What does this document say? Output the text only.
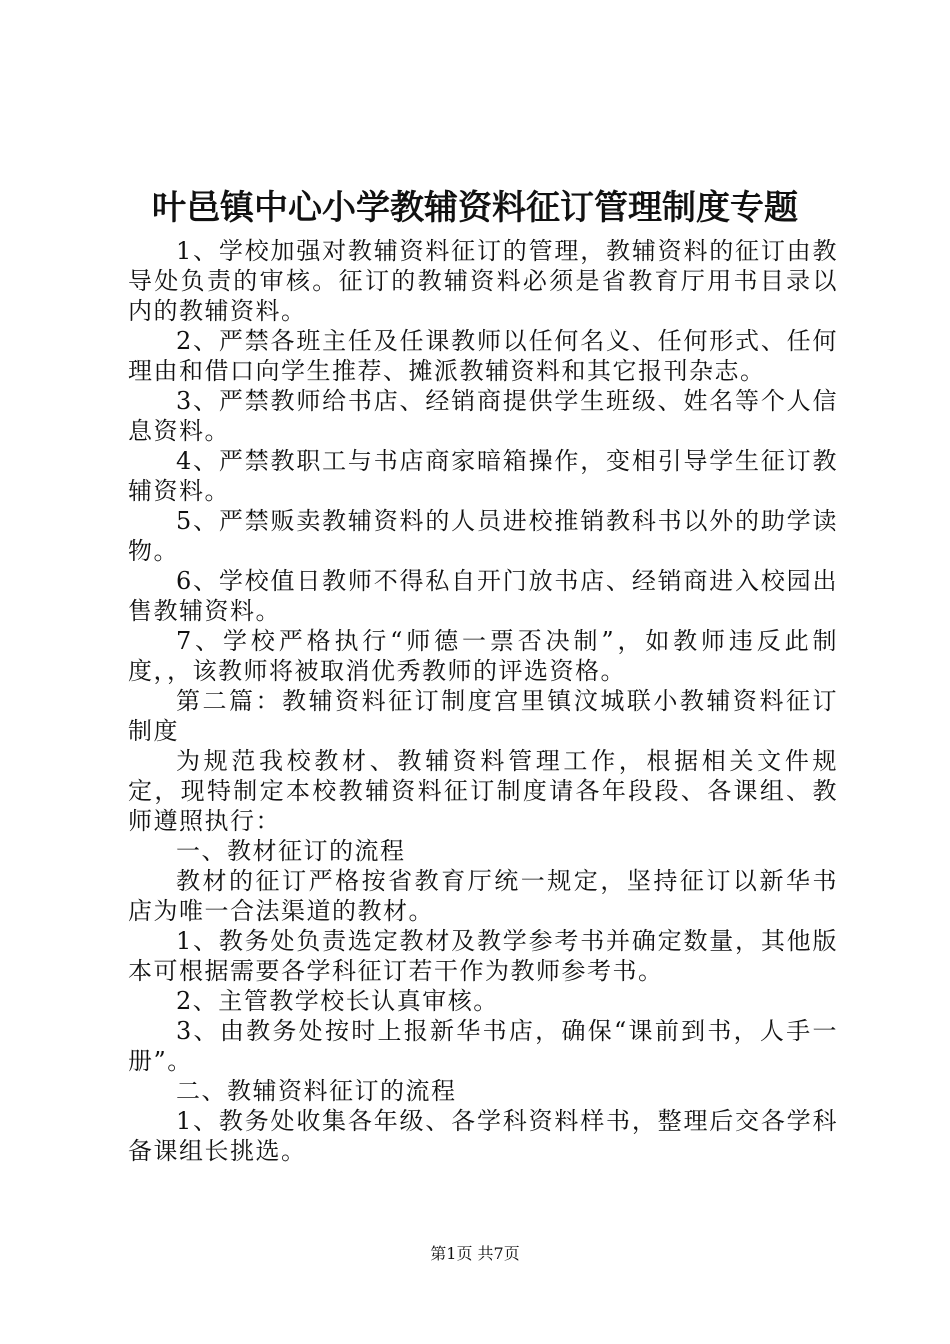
叶邑镇中心小学教辅资料征订管理制度专题

1、学校加强对教辅资料征订的管理，教辅资料的征订由教导处负责的审核。征订的教辅资料必须是省教育厅用书目录以内的教辅资料。

2、严禁各班主任及任课教师以任何名义、任何形式、任何理由和借口向学生推荐、摊派教辅资料和其它报刊杂志。

3、严禁教师给书店、经销商提供学生班级、姓名等个人信息资料。

4、严禁教职工与书店商家暗箱操作，变相引导学生征订教辅资料。

5、严禁贩卖教辅资料的人员进校推销教科书以外的助学读物。

6、学校值日教师不得私自开门放书店、经销商进入校园出售教辅资料。

7、学校严格执行“师德一票否决制”，如教师违反此制度，，该教师将被取消优秀教师的评选资格。

第二篇：教辅资料征订制度宫里镇汶城联小教辅资料征订制度

为规范我校教材、教辅资料管理工作，根据相关文件规定，现特制定本校教辅资料征订制度请各年段段、各课组、教师遵照执行：

一、教材征订的流程

教材的征订严格按省教育厅统一规定，坚持征订以新华书店为唯一合法渠道的教材。

1、教务处负责选定教材及教学参考书并确定数量，其他版本可根据需要各学科征订若干作为教师参考书。

2、主管教学校长认真审核。

3、由教务处按时上报新华书店，确保“课前到书，人手一册”。

二、教辅资料征订的流程

1、教务处收集各年级、各学科资料样书，整理后交各学科备课组长挑选。

第1页 共7页
